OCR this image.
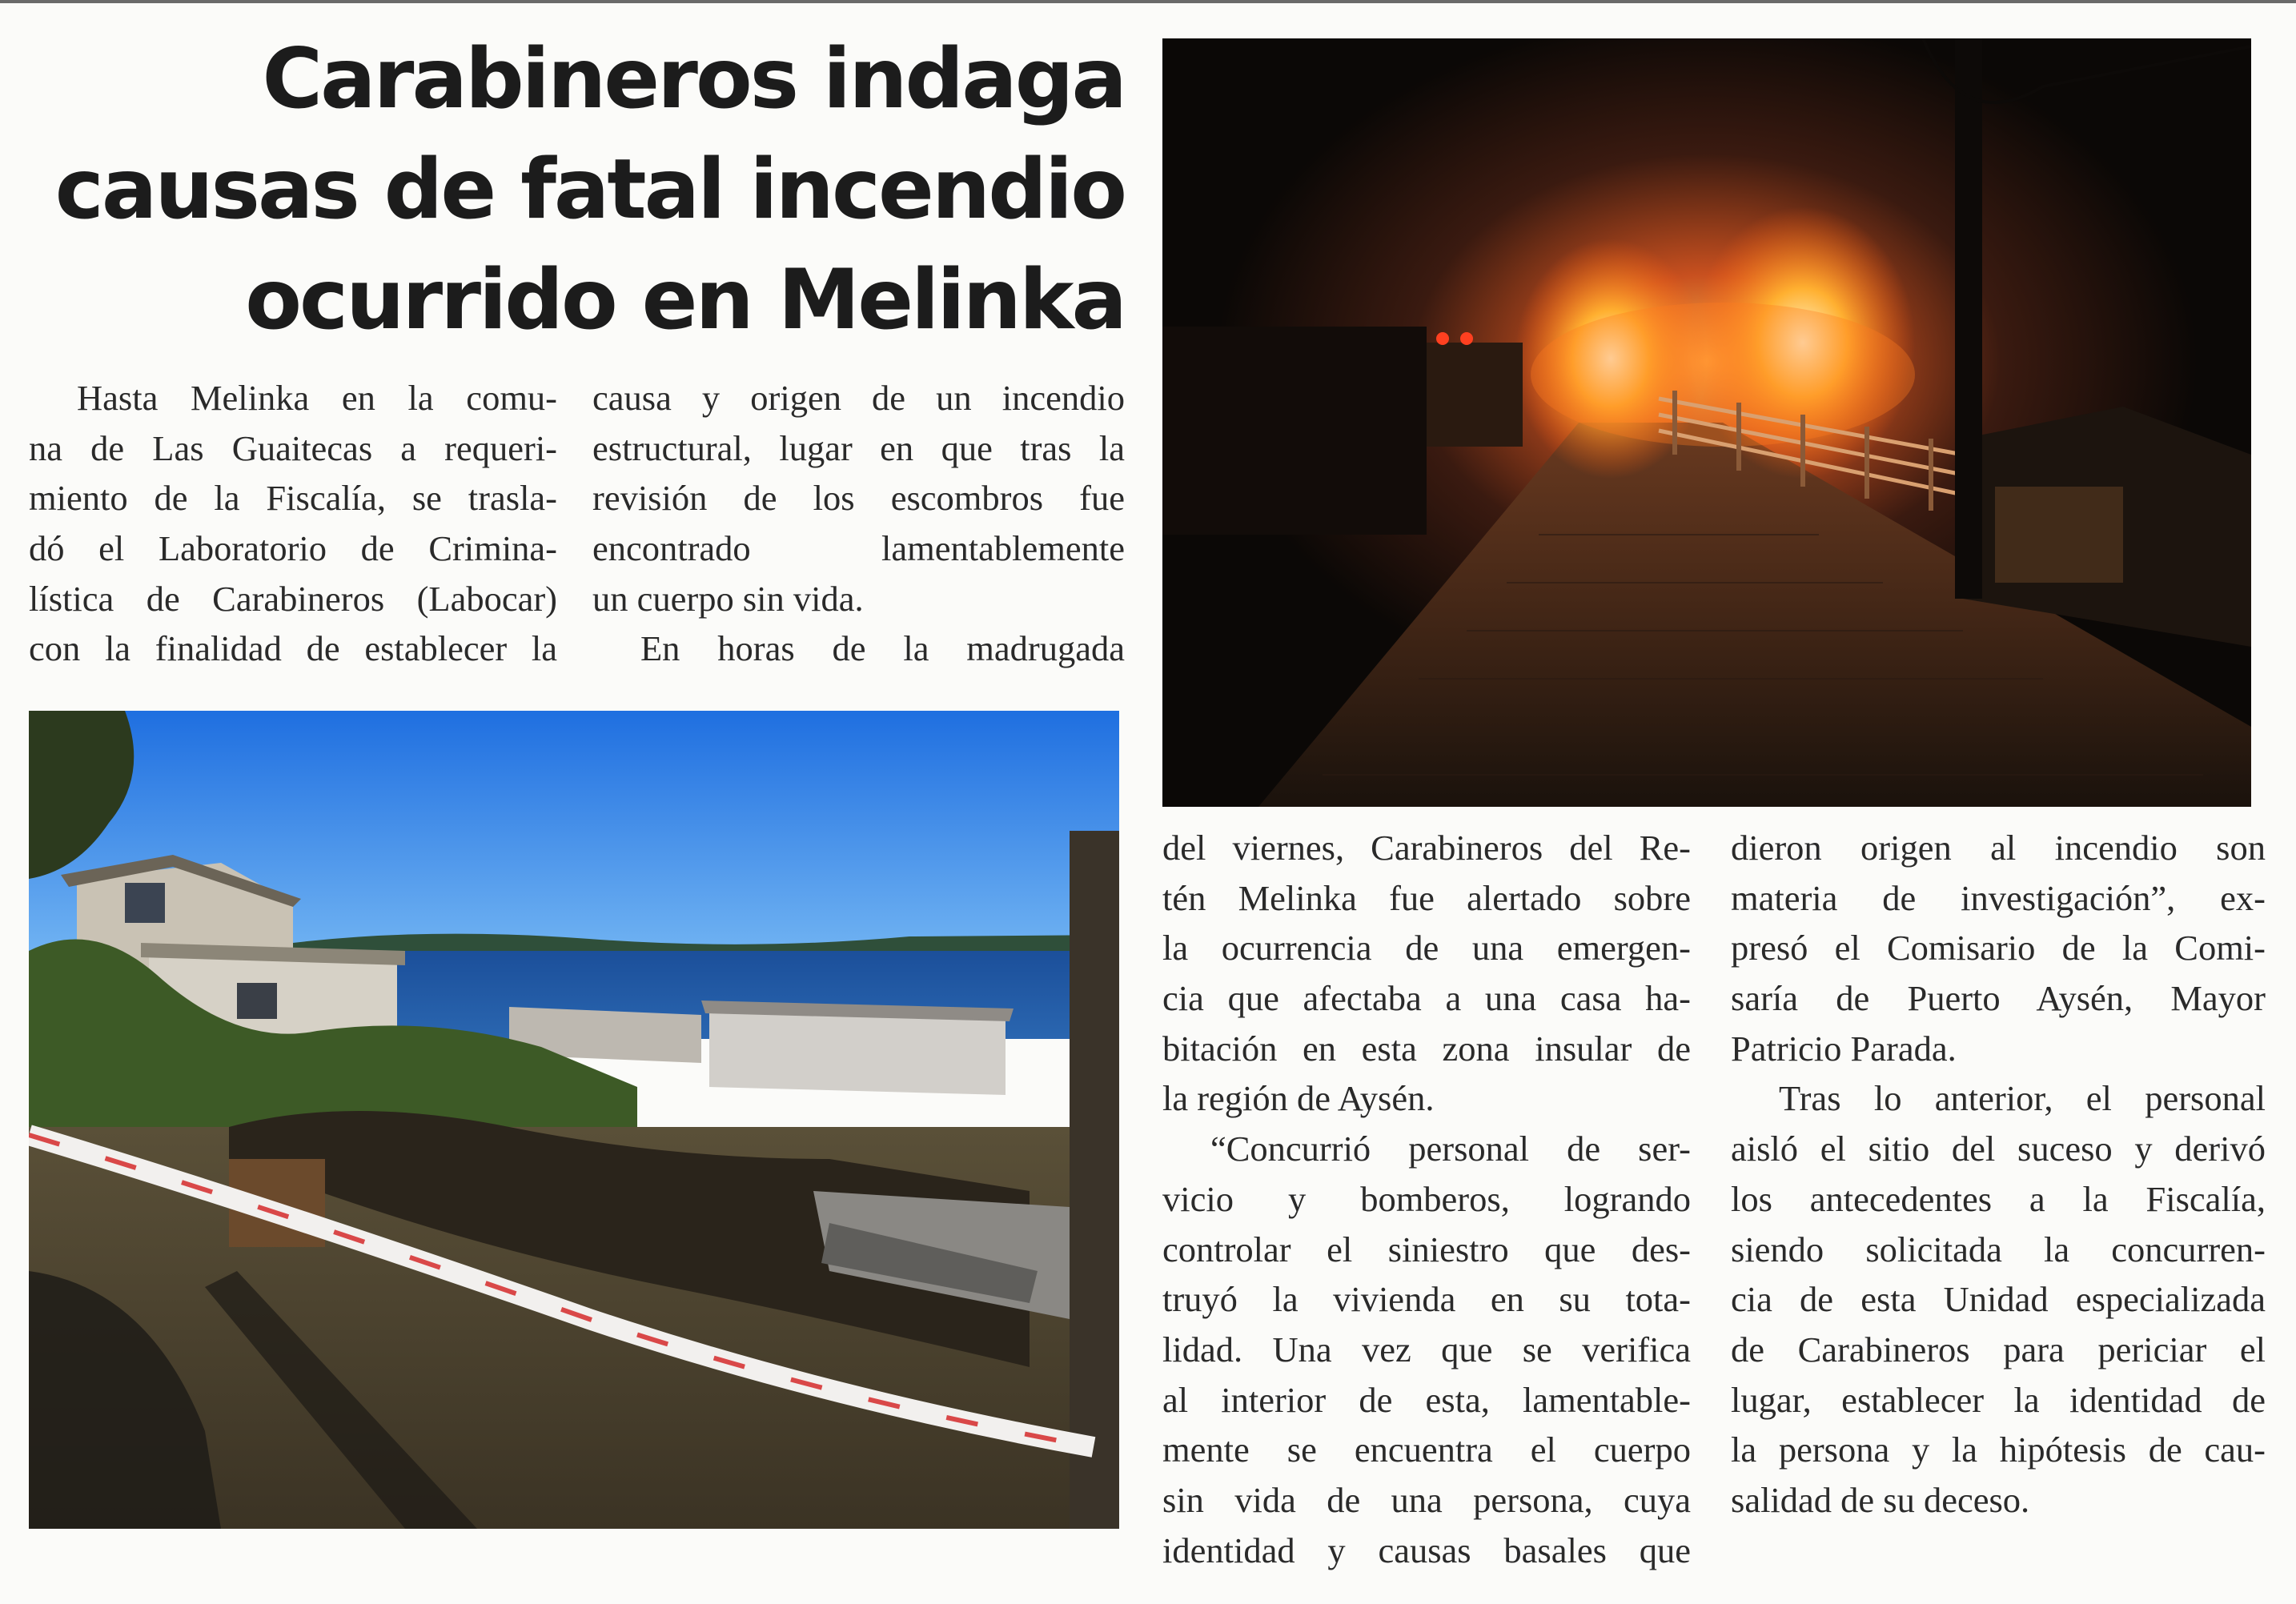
Carabineros indaga
causas de fatal incendio
ocurrido en Melinka
Hasta Melinka en la comu-
na de Las Guaitecas a requeri-
miento de la Fiscalía, se trasla-
dó el Laboratorio de Crimina-
lística de Carabineros (Labocar)
con la finalidad de establecer la
causa y origen de un incendio
estructural, lugar en que tras la
revisión de los escombros fue
encontrado lamentablemente
un cuerpo sin vida.
En horas de la madrugada
del viernes, Carabineros del Re-
tén Melinka fue alertado sobre
la ocurrencia de una emergen-
cia que afectaba a una casa ha-
bitación en esta zona insular de
la región de Aysén.
“Concurrió personal de ser-
vicio y bomberos, logrando
controlar el siniestro que des-
truyó la vivienda en su tota-
lidad. Una vez que se verifica
al interior de esta, lamentable-
mente se encuentra el cuerpo
sin vida de una persona, cuya
identidad y causas basales que
dieron origen al incendio son
materia de investigación”, ex-
presó el Comisario de la Comi-
saría de Puerto Aysén, Mayor
Patricio Parada.
Tras lo anterior, el personal
aisló el sitio del suceso y derivó
los antecedentes a la Fiscalía,
siendo solicitada la concurren-
cia de esta Unidad especializada
de Carabineros para periciar el
lugar, establecer la identidad de
la persona y la hipótesis de cau-
salidad de su deceso.
